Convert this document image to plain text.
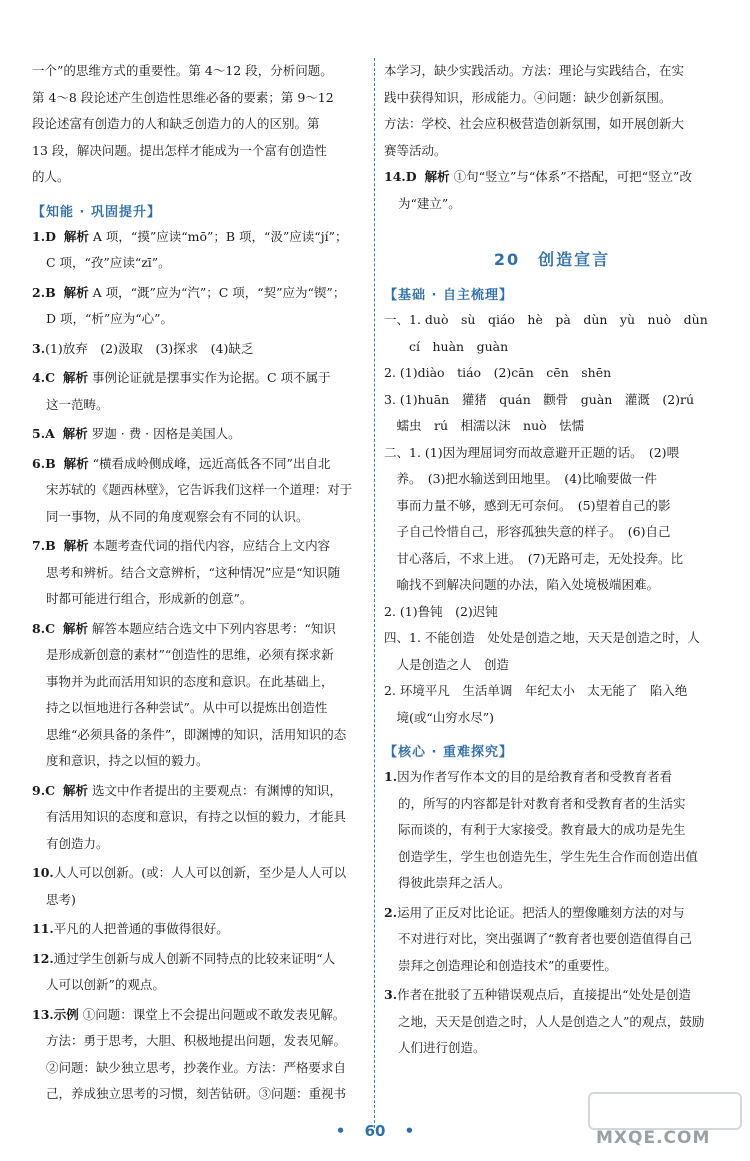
一个”的思维方式的重要性。第 4～12 段，分析问题。

第 4～8 段论述产生创造性思维必备的要素；第 9～12

段论述富有创造力的人和缺乏创造力的人的区别。第

13 段，解决问题。提出怎样才能成为一个富有创造性

的人。

【知能 · 巩固提升】
1.D 解析 A 项，“摸”应读“mō”；B 项，“汲”应读“jí”；
C 项，“孜”应读“zī”。
2.B 解析 A 项，“溉”应为“汽”；C 项，“契”应为“锲”；
D 项，“析”应为“心”。
3.(1)放弃　(2)汲取　(3)探求　(4)缺乏
4.C 解析 事例论证就是摆事实作为论据。C 项不属于
这一范畴。
5.A 解析 罗迦 · 费 · 因格是美国人。
6.B 解析 “横看成岭侧成峰，远近高低各不同”出自北
宋苏轼的《题西林壁》，它告诉我们这样一个道理：对于
同一事物，从不同的角度观察会有不同的认识。
7.B 解析 本题考查代词的指代内容，应结合上文内容
思考和辨析。结合文意辨析，“这种情况”应是“知识随
时都可能进行组合，形成新的创意”。
8.C 解析 解答本题应结合选文中下列内容思考：“知识
是形成新创意的素材”“创造性的思维，必须有探求新
事物并为此而活用知识的态度和意识。在此基础上，
持之以恒地进行各种尝试”。从中可以提炼出创造性
思维“必须具备的条件”，即渊博的知识，活用知识的态
度和意识，持之以恒的毅力。
9.C 解析 选文中作者提出的主要观点：有渊博的知识，
有活用知识的态度和意识，有持之以恒的毅力，才能具
有创造力。
10.人人可以创新。(或：人人可以创新，至少是人人可以
思考)
11.平凡的人把普通的事做得很好。
12.通过学生创新与成人创新不同特点的比较来证明“人
人可以创新”的观点。
13.示例 ①问题：课堂上不会提出问题或不敢发表见解。
方法：勇于思考，大胆、积极地提出问题，发表见解。
②问题：缺少独立思考，抄袭作业。方法：严格要求自
己，养成独立思考的习惯，刻苦钻研。③问题：重视书

本学习，缺少实践活动。方法：理论与实践结合，在实

践中获得知识，形成能力。④问题：缺少创新氛围。

方法：学校、社会应积极营造创新氛围，如开展创新大

赛等活动。

14.D 解析 ①句“竖立”与“体系”不搭配，可把“竖立”改
为“建立”。
20　创造宣言
【基础 · 自主梳理】
一、1. duò　sù　qiáo　hè　pà　dùn　yù　nuò　dùn
　　cí　huàn　guàn
2. (1)diào　tiáo　(2)cān　cēn　shēn
3. (1)huān　獾猪　quán　颧骨　guàn　灌溉　(2)rú
　蠕虫　rú　相濡以沫　nuò　怯懦
二、1. (1)因为理屈词穷而故意避开正题的话。　(2)喂
　养。　(3)把水输送到田地里。　(4)比喻要做一件
　事而力量不够，感到无可奈何。　(5)望着自己的影
　子自己怜惜自己，形容孤独失意的样子。　(6)自己
　甘心落后，不求上进。　(7)无路可走，无处投奔。比
　喻找不到解决问题的办法，陷入处境极端困难。
2. (1)鲁钝　(2)迟钝
四、1. 不能创造　处处是创造之地，天天是创造之时，人
　人是创造之人　创造
2. 环境平凡　生活单调　年纪太小　太无能了　陷入绝
　境(或“山穷水尽”)
【核心 · 重难探究】
1.因为作者写作本文的目的是给教育者和受教育者看
的，所写的内容都是针对教育者和受教育者的生活实
际而谈的，有利于大家接受。教育最大的成功是先生
创造学生，学生也创造先生，学生先生合作而创造出值
得彼此崇拜之活人。
2.运用了正反对比论证。把活人的塑像雕刻方法的对与
不对进行对比，突出强调了“教育者也要创造值得自己
崇拜之创造理论和创造技术”的重要性。
3.作者在批驳了五种错误观点后，直接提出“处处是创造
之地，天天是创造之时，人人是创造之人”的观点，鼓励
人们进行创造。
• 60 •	MXQE.COM
